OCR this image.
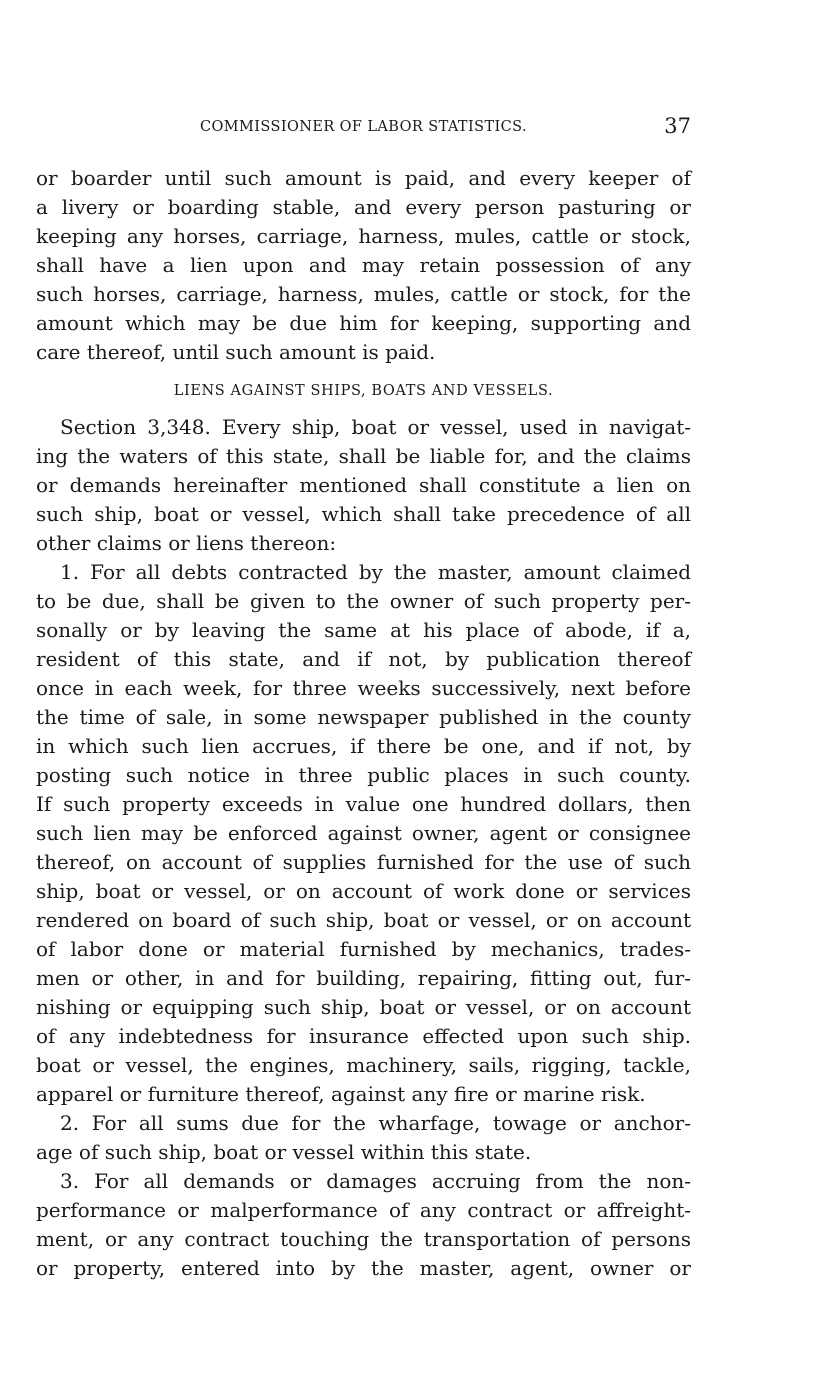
COMMISSIONER OF LABOR STATISTICS.	37
or boarder until such amount is paid, and every keeper of
a livery or boarding stable, and every person pasturing or
keeping any horses, carriage, harness, mules, cattle or stock,
shall have a lien upon and may retain possession of any
such horses, carriage, harness, mules, cattle or stock, for the
amount which may be due him for keeping, supporting and
care thereof, until such amount is paid.
LIENS AGAINST SHIPS, BOATS AND VESSELS.
Section 3,348. Every ship, boat or vessel, used in navigat-
ing the waters of this state, shall be liable for, and the claims
or demands hereinafter mentioned shall constitute a lien on
such ship, boat or vessel, which shall take precedence of all
other claims or liens thereon:
1. For all debts contracted by the master, amount claimed
to be due, shall be given to the owner of such property per-
sonally or by leaving the same at his place of abode, if a,
resident of this state, and if not, by publication thereof
once in each week, for three weeks successively, next before
the time of sale, in some newspaper published in the county
in which such lien accrues, if there be one, and if not, by
posting such notice in three public places in such county.
If such property exceeds in value one hundred dollars, then
such lien may be enforced against owner, agent or consignee
thereof, on account of supplies furnished for the use of such
ship, boat or vessel, or on account of work done or services
rendered on board of such ship, boat or vessel, or on account
of labor done or material furnished by mechanics, trades-
men or other, in and for building, repairing, fitting out, fur-
nishing or equipping such ship, boat or vessel, or on account
of any indebtedness for insurance effected upon such ship.
boat or vessel, the engines, machinery, sails, rigging, tackle,
apparel or furniture thereof, against any fire or marine risk.
2. For all sums due for the wharfage, towage or anchor-
age of such ship, boat or vessel within this state.
3. For all demands or damages accruing from the non-
performance or malperformance of any contract or affreight-
ment, or any contract touching the transportation of persons
or property, entered into by the master, agent, owner or
